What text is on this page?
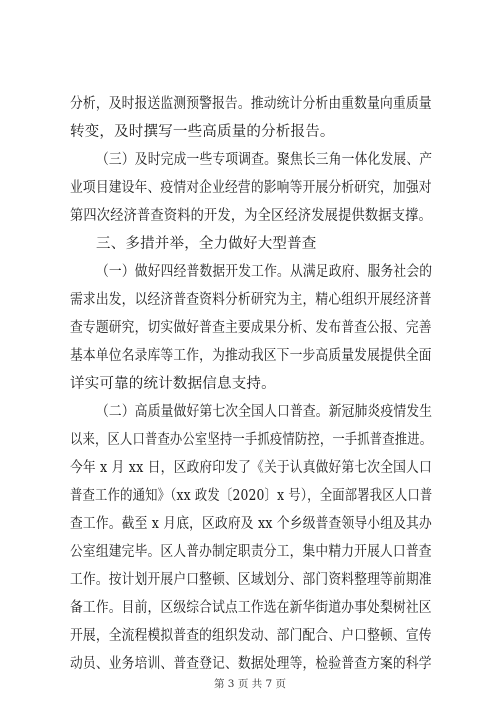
分析，及时报送监测预警报告。推动统计分析由重数量向重质量
转变，及时撰写一些高质量的分析报告。
（三）及时完成一些专项调查。聚焦长三角一体化发展、产
业项目建设年、疫情对企业经营的影响等开展分析研究，加强对
第四次经济普查资料的开发，为全区经济发展提供数据支撑。
三、多措并举，全力做好大型普查
（一）做好四经普数据开发工作。从满足政府、服务社会的
需求出发，以经济普查资料分析研究为主，精心组织开展经济普
查专题研究，切实做好普查主要成果分析、发布普查公报、完善
基本单位名录库等工作，为推动我区下一步高质量发展提供全面
详实可靠的统计数据信息支持。
（二）高质量做好第七次全国人口普查。新冠肺炎疫情发生
以来，区人口普查办公室坚持一手抓疫情防控，一手抓普查推进。
今年 x 月 xx 日，区政府印发了《关于认真做好第七次全国人口
普查工作的通知》（xx 政发〔2020〕x 号），全面部署我区人口普
查工作。截至 x 月底，区政府及 xx 个乡级普查领导小组及其办
公室组建完毕。区人普办制定职责分工，集中精力开展人口普查
工作。按计划开展户口整顿、区域划分、部门资料整理等前期准
备工作。目前，区级综合试点工作选在新华街道办事处梨树社区
开展，全流程模拟普查的组织发动、部门配合、户口整顿、宣传
动员、业务培训、普查登记、数据处理等，检验普查方案的科学
第 3 页 共 7 页
